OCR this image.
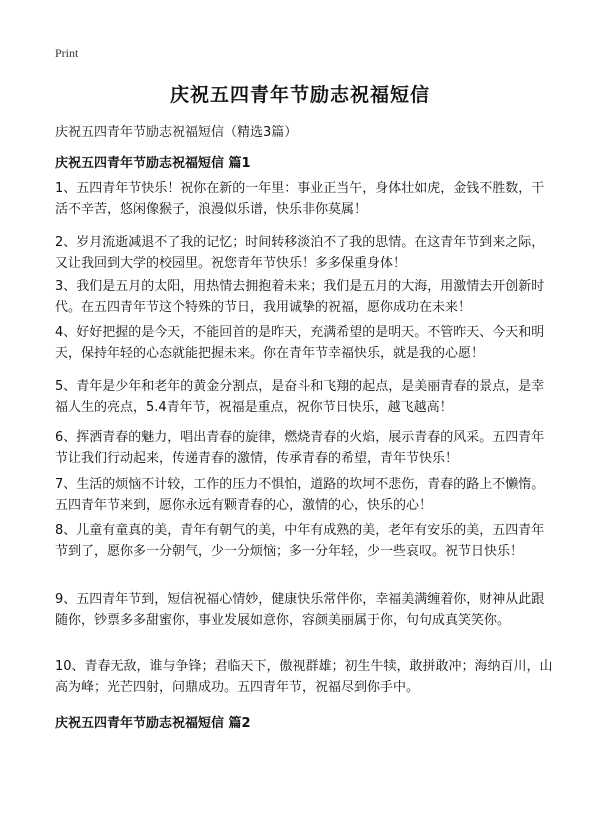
Print
庆祝五四青年节励志祝福短信
庆祝五四青年节励志祝福短信（精选3篇）
庆祝五四青年节励志祝福短信 篇1

1、五四青年节快乐！祝你在新的一年里：事业正当午，身体壮如虎，金钱不胜数，干活不辛苦，悠闲像猴子，浪漫似乐谱，快乐非你莫属！

2、岁月流逝减退不了我的记忆；时间转移淡泊不了我的思情。在这青年节到来之际，又让我回到大学的校园里。祝您青年节快乐！多多保重身体！

3、我们是五月的太阳，用热情去拥抱着未来；我们是五月的大海，用激情去开创新时代。在五四青年节这个特殊的节日，我用诚挚的祝福，愿你成功在未来！

4、好好把握的是今天，不能回首的是昨天，充满希望的是明天。不管昨天、今天和明天，保持年轻的心态就能把握未来。你在青年节幸福快乐，就是我的心愿！

5、青年是少年和老年的黄金分割点，是奋斗和飞翔的起点，是美丽青春的景点，是幸福人生的亮点，5.4青年节，祝福是重点，祝你节日快乐，越飞越高！

6、挥洒青春的魅力，唱出青春的旋律，燃烧青春的火焰，展示青春的风采。五四青年节让我们行动起来，传递青春的激情，传承青春的希望，青年节快乐！

7、生活的烦恼不计较，工作的压力不惧怕，道路的坎坷不悲伤，青春的路上不懒惰。五四青年节来到，愿你永远有颗青春的心，激情的心，快乐的心！

8、儿童有童真的美，青年有朝气的美，中年有成熟的美，老年有安乐的美，五四青年节到了，愿你多一分朝气，少一分烦恼；多一分年轻，少一些哀叹。祝节日快乐！

9、五四青年节到，短信祝福心情妙，健康快乐常伴你，幸福美满缠着你，财神从此跟随你，钞票多多甜蜜你，事业发展如意你，容颜美丽属于你，句句成真笑笑你。

10、青春无敌，谁与争锋；君临天下，傲视群雄；初生牛犊，敢拼敢冲；海纳百川，山高为峰；光芒四射，问鼎成功。五四青年节，祝福尽到你手中。

庆祝五四青年节励志祝福短信 篇2
